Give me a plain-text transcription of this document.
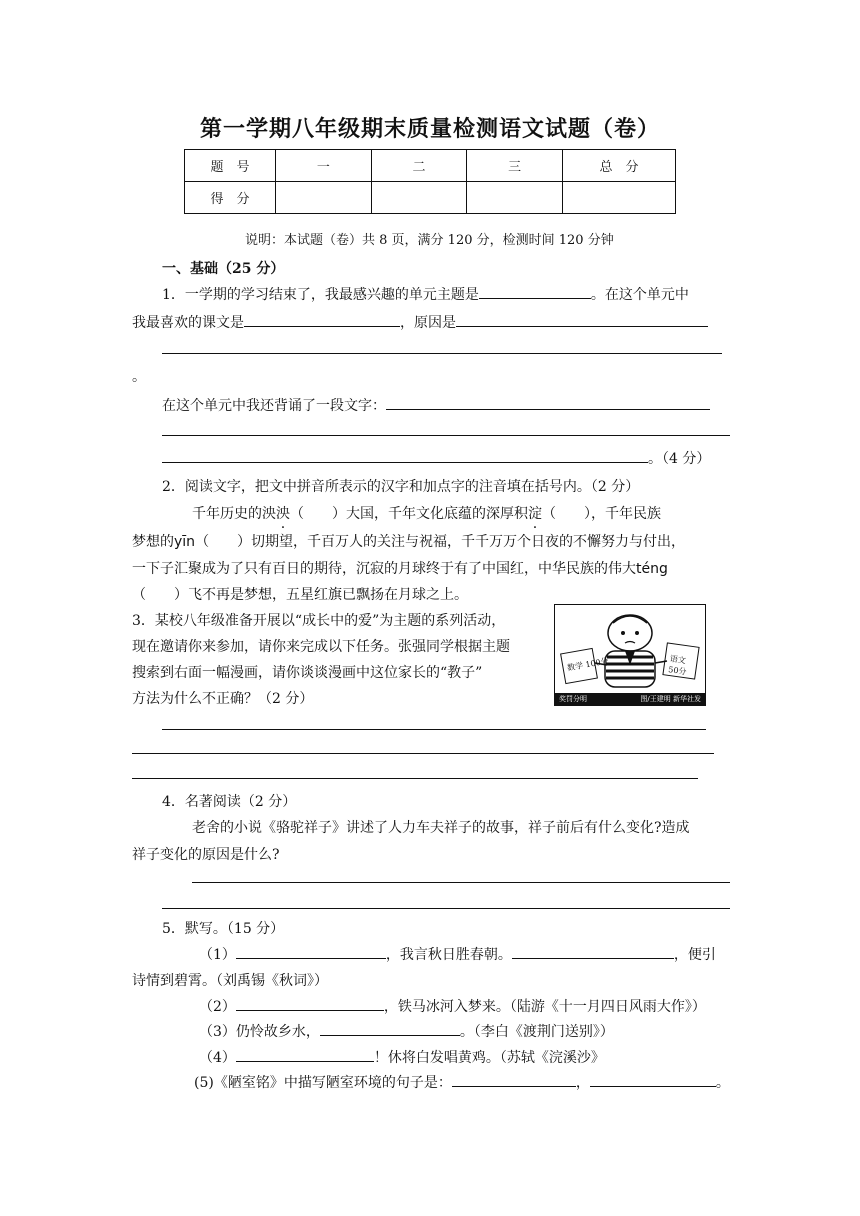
第一学期八年级期末质量检测语文试题（卷）
题　号	一	二	三	总　分
得　分				
说明：本试题（卷）共 8 页，满分 120 分，检测时间 120 分钟
一、基础（25 分）
1．一学期的学习结束了，我最感兴趣的单元主题是	。在这个单元中
我最喜欢的课文是	，原因是
。
在这个单元中我还背诵了一段文字：
。（4 分）
2．阅读文字，把文中拼音所表示的汉字和加点字的注音填在括号内。（2 分）
千年历史的泱泱（　　）大国，千年文化底蕴的深厚积淀（　　），千年民族
梦想的yīn（　　）切期望，千百万人的关注与祝福，千千万万个日夜的不懈努力与付出，
一下子汇聚成为了只有百日的期待，沉寂的月球终于有了中国红，中华民族的伟大téng
（　　）飞不再是梦想，五星红旗已飘扬在月球之上。
3．某校八年级准备开展以“成长中的爱”为主题的系列活动，
现在邀请你来参加，请你来完成以下任务。张强同学根据主题
搜索到右面一幅漫画，请你谈谈漫画中这位家长的“教子”
方法为什么不正确？（2 分）
数学 100分	语文 50分
奖罚分明	图/王建明 新华社发
4．名著阅读（2 分）
老舍的小说《骆驼祥子》讲述了人力车夫祥子的故事，祥子前后有什么变化?造成
祥子变化的原因是什么?
5．默写。（15 分）
（1）	，我言秋日胜春朝。	，便引
诗情到碧霄。（刘禹锡《秋词》）
（2）	，铁马冰河入梦来。（陆游《十一月四日风雨大作》）
（3）仍怜故乡水，	。（李白《渡荆门送别》）
（4）	！休将白发唱黄鸡。（苏轼《浣溪沙》
(5)《陋室铭》中描写陋室环境的句子是：	，	。
